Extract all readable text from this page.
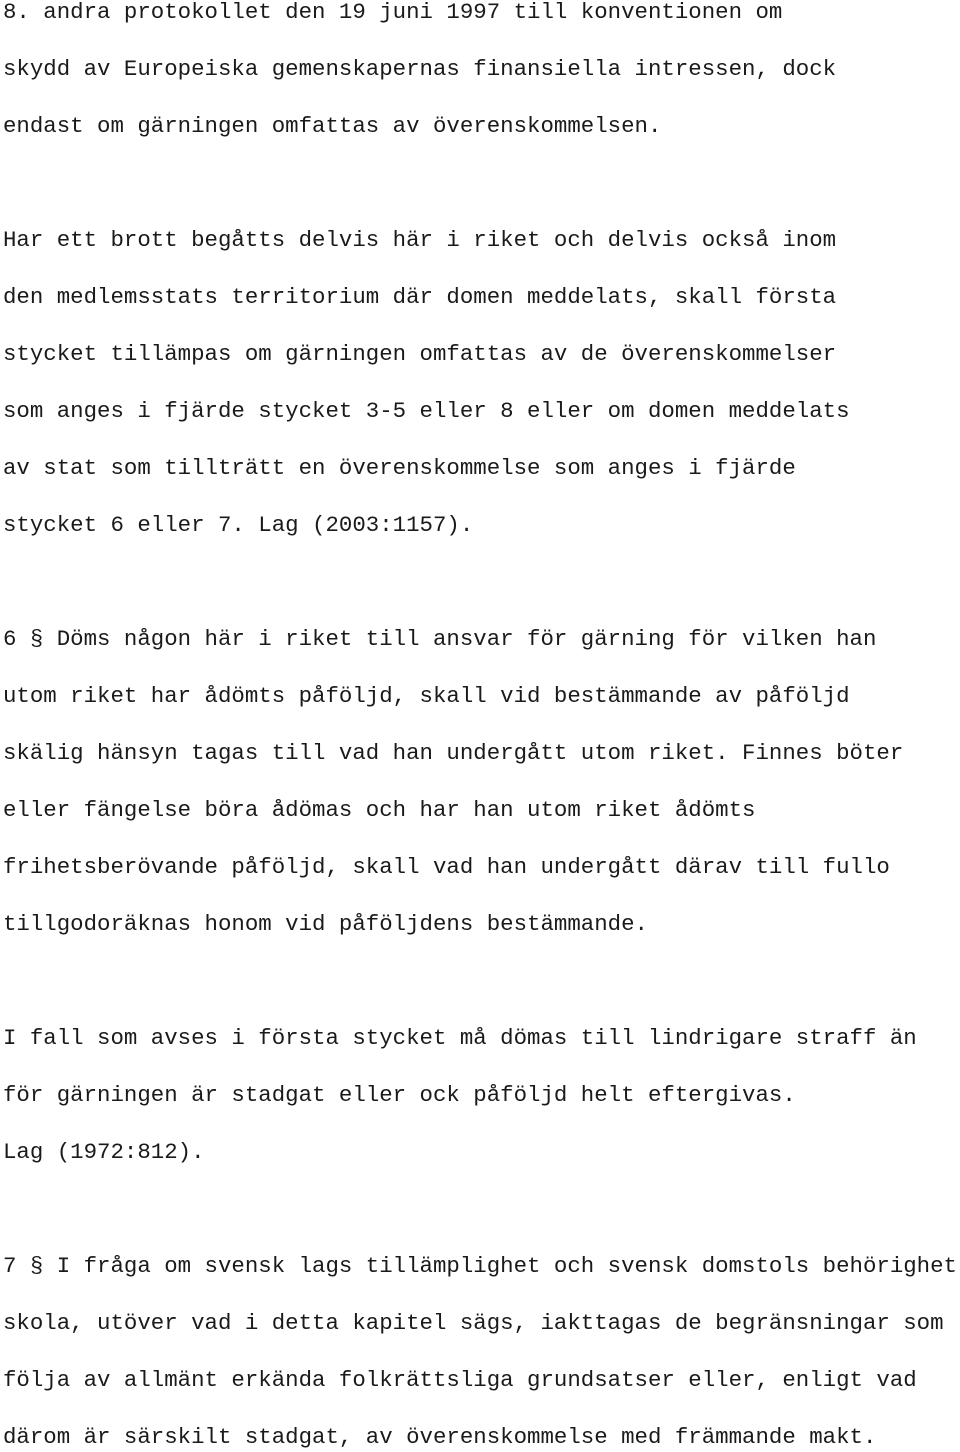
8. andra protokollet den 19 juni 1997 till konventionen om

skydd av Europeiska gemenskapernas finansiella intressen, dock

endast om gärningen omfattas av överenskommelsen.

Har ett brott begåtts delvis här i riket och delvis också inom

den medlemsstats territorium där domen meddelats, skall första

stycket tillämpas om gärningen omfattas av de överenskommelser

som anges i fjärde stycket 3-5 eller 8 eller om domen meddelats

av stat som tillträtt en överenskommelse som anges i fjärde

stycket 6 eller 7. Lag (2003:1157).

6 § Döms någon här i riket till ansvar för gärning för vilken han

utom riket har ådömts påföljd, skall vid bestämmande av påföljd

skälig hänsyn tagas till vad han undergått utom riket. Finnes böter

eller fängelse böra ådömas och har han utom riket ådömts

frihetsberövande påföljd, skall vad han undergått därav till fullo

tillgodoräknas honom vid påföljdens bestämmande.

I fall som avses i första stycket må dömas till lindrigare straff än

för gärningen är stadgat eller ock påföljd helt eftergivas.

Lag (1972:812).

7 § I fråga om svensk lags tillämplighet och svensk domstols behörighet

skola, utöver vad i detta kapitel sägs, iakttagas de begränsningar som

följa av allmänt erkända folkrättsliga grundsatser eller, enligt vad

därom är särskilt stadgat, av överenskommelse med främmande makt.
